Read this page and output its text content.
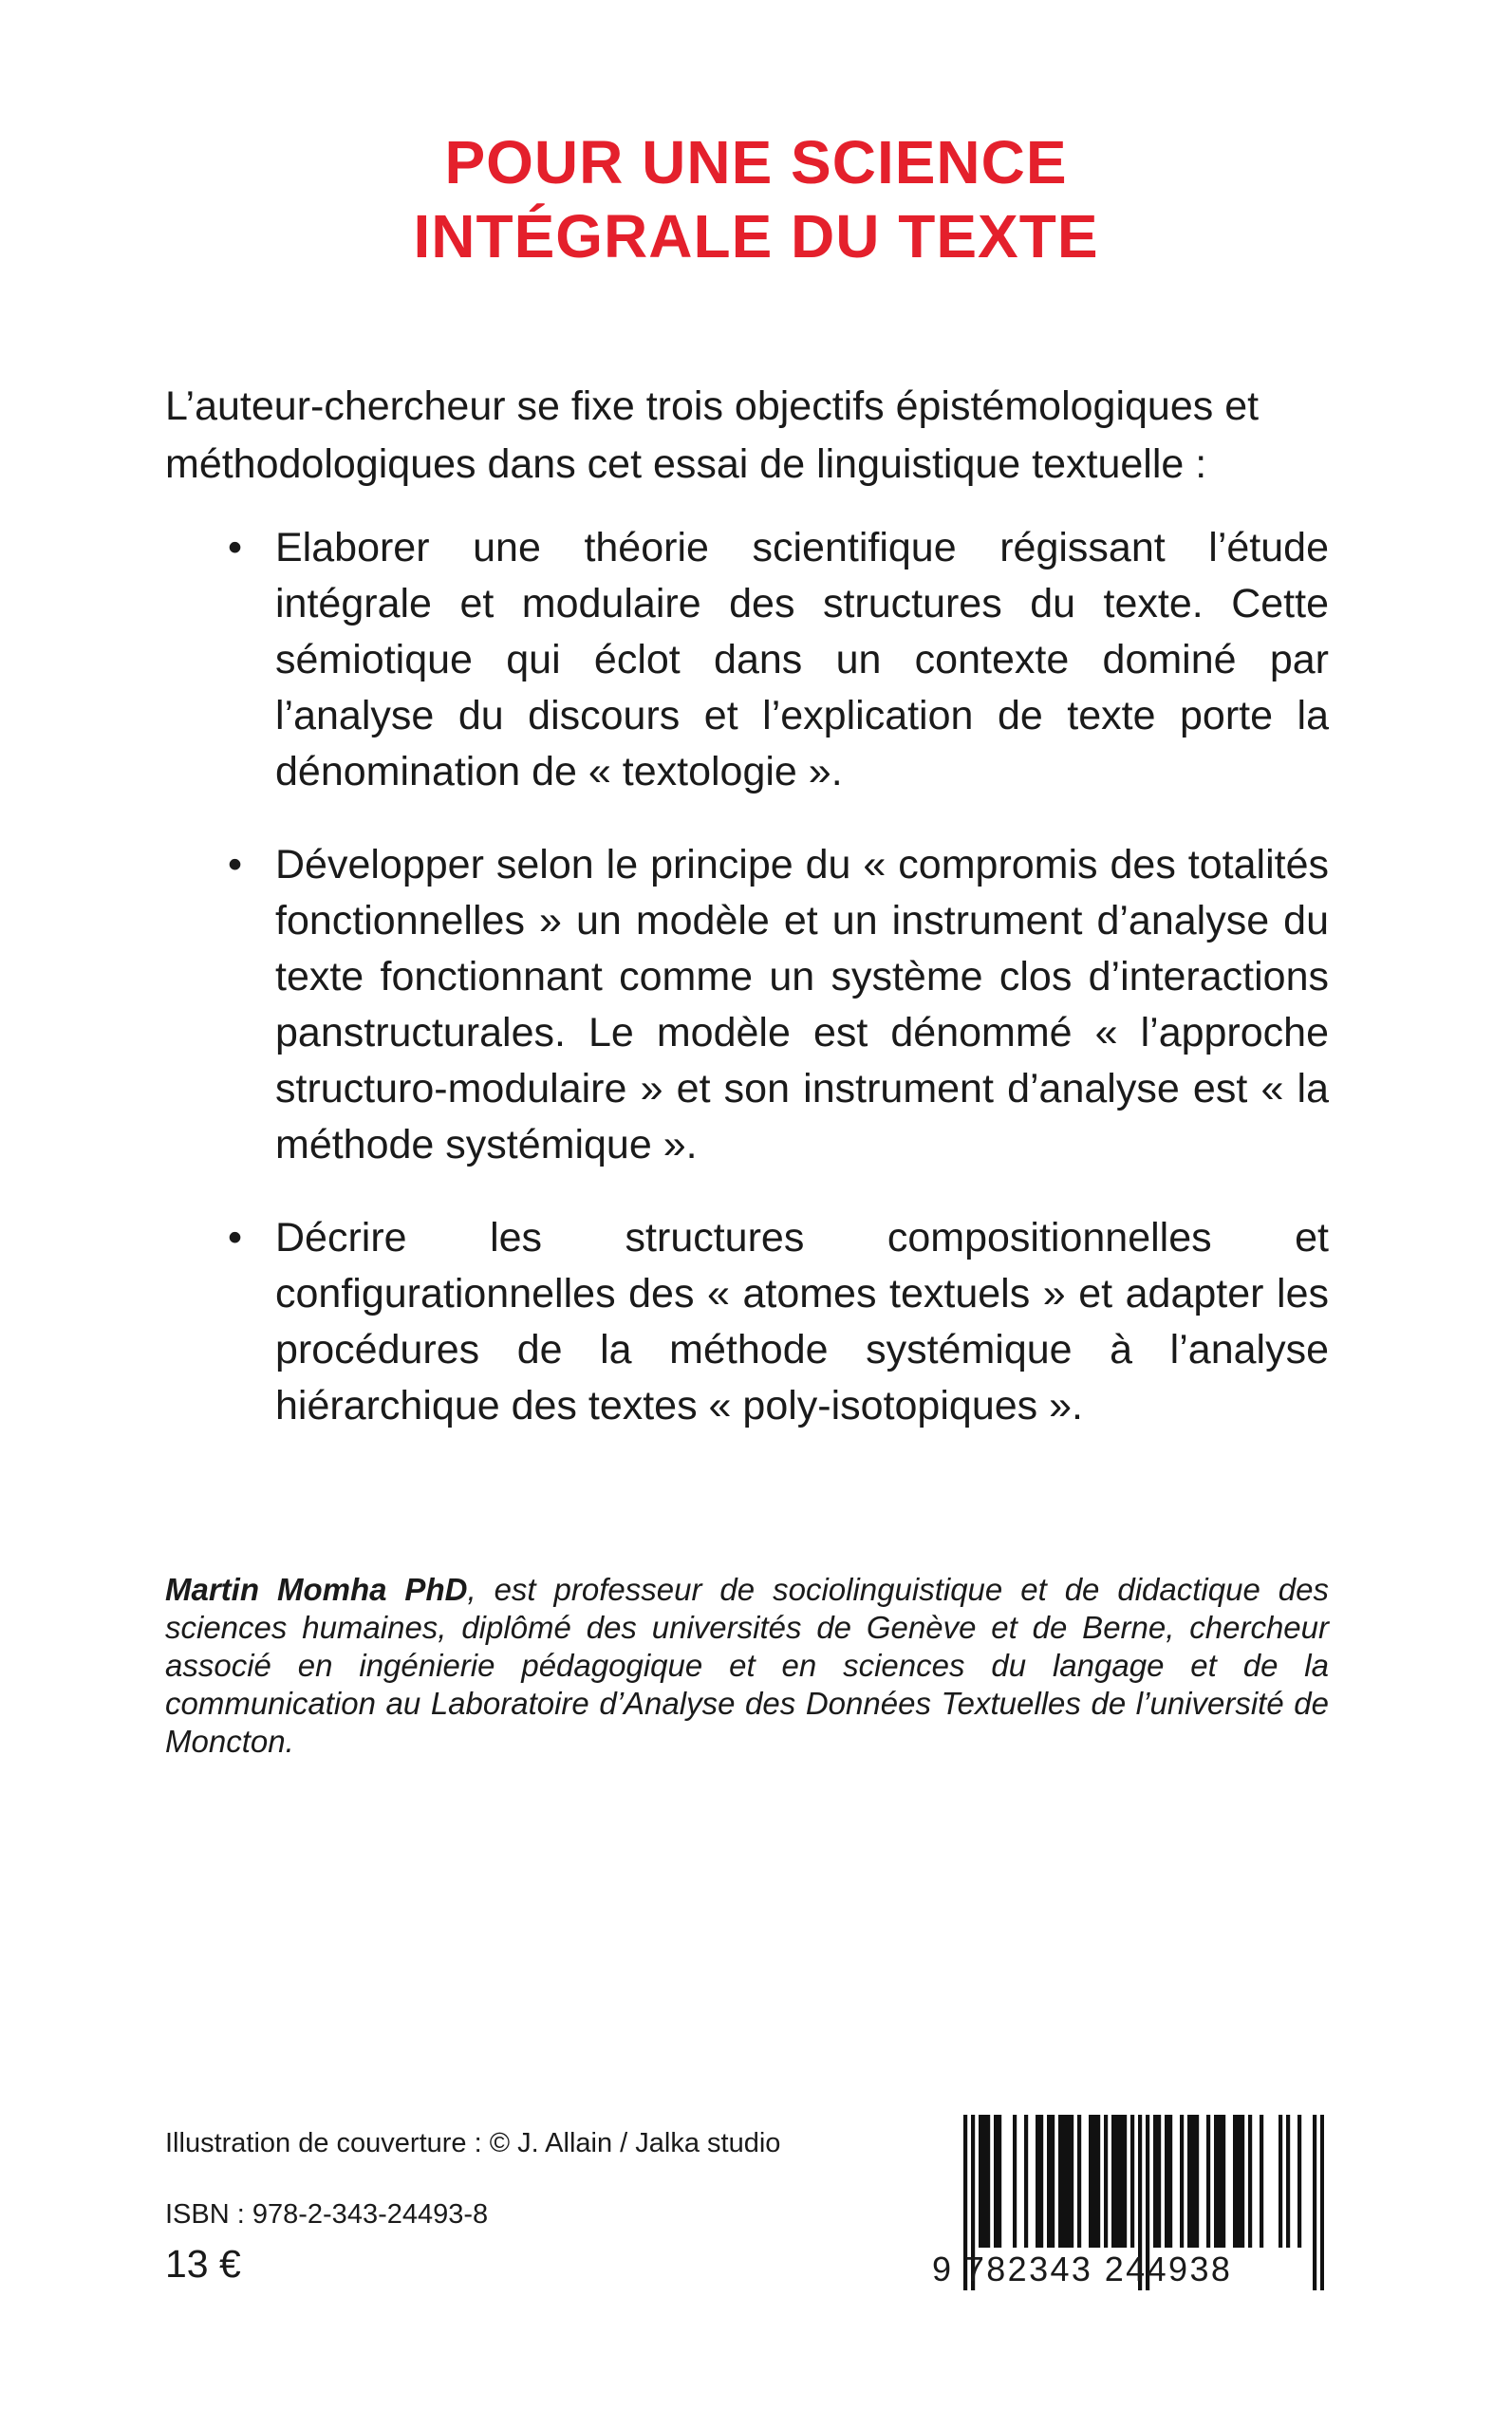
POUR UNE SCIENCE
INTÉGRALE DU TEXTE

L’auteur-chercheur se fixe trois objectifs épistémologiques et méthodologiques dans cet essai de linguistique textuelle :

• Elaborer une théorie scientifique régissant l’étude intégrale et modulaire des structures du texte. Cette sémiotique qui éclot dans un contexte dominé par l’analyse du discours et l’explication de texte porte la dénomination de « textologie ».
• Développer selon le principe du « compromis des totalités fonctionnelles » un modèle et un instrument d’analyse du texte fonctionnant comme un système clos d’interactions panstructurales. Le modèle est dénommé « l’approche structuro-modulaire » et son instrument d’analyse est « la méthode systémique ».
• Décrire les structures compositionnelles et configurationnelles des « atomes textuels » et adapter les procédures de la méthode systémique à l’analyse hiérarchique des textes « poly-isotopiques ».

Martin Momha PhD, est professeur de sociolinguistique et de didactique des sciences humaines, diplômé des universités de Genève et de Berne, chercheur associé en ingénierie pédagogique et en sciences du langage et de la communication au Laboratoire d’Analyse des Données Textuelles de l’université de Moncton.

Illustration de couverture : © J. Allain / Jalka studio
ISBN : 978-2-343-24493-8
13 €	9 782343 244938
